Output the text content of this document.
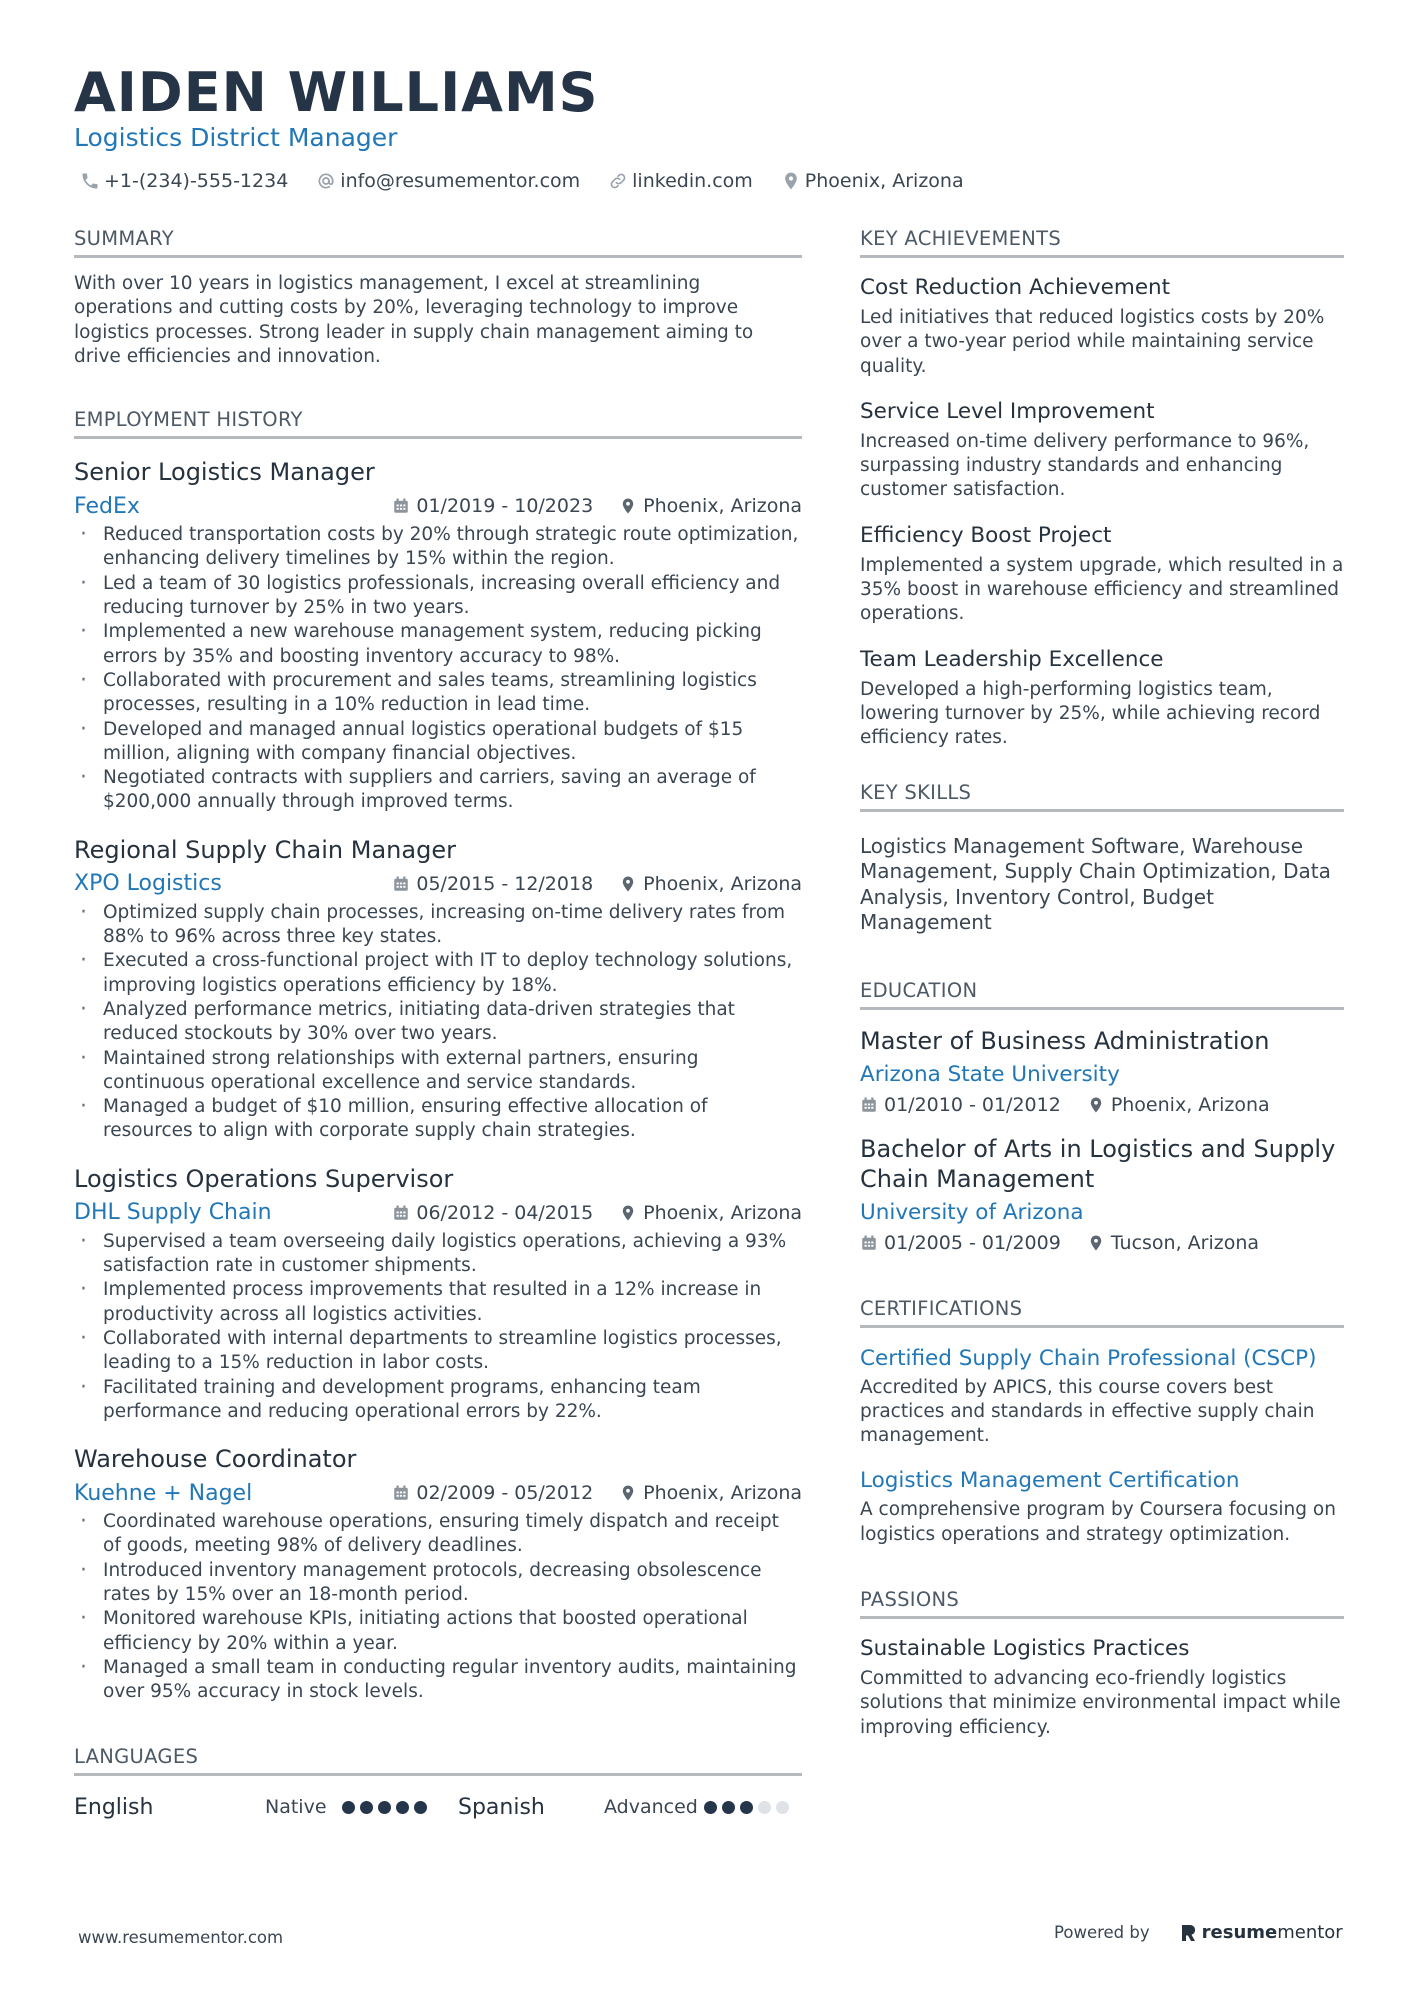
AIDEN WILLIAMS
Logistics District Manager
+1-(234)-555-1234	info@resumementor.com	linkedin.com	Phoenix, Arizona
SUMMARY

With over 10 years in logistics management, I excel at streamlining operations and cutting costs by 20%, leveraging technology to improve logistics processes. Strong leader in supply chain management aiming to drive efficiencies and innovation.

EMPLOYMENT HISTORY
Senior Logistics Manager
FedEx	01/2019 - 10/2023	Phoenix, Arizona
· Reduced transportation costs by 20% through strategic route optimization, enhancing delivery timelines by 15% within the region.
· Led a team of 30 logistics professionals, increasing overall efficiency and reducing turnover by 25% in two years.
· Implemented a new warehouse management system, reducing picking errors by 35% and boosting inventory accuracy to 98%.
· Collaborated with procurement and sales teams, streamlining logistics processes, resulting in a 10% reduction in lead time.
· Developed and managed annual logistics operational budgets of $15 million, aligning with company financial objectives.
· Negotiated contracts with suppliers and carriers, saving an average of $200,000 annually through improved terms.
Regional Supply Chain Manager
XPO Logistics	05/2015 - 12/2018	Phoenix, Arizona
· Optimized supply chain processes, increasing on-time delivery rates from 88% to 96% across three key states.
· Executed a cross-functional project with IT to deploy technology solutions, improving logistics operations efficiency by 18%.
· Analyzed performance metrics, initiating data-driven strategies that reduced stockouts by 30% over two years.
· Maintained strong relationships with external partners, ensuring continuous operational excellence and service standards.
· Managed a budget of $10 million, ensuring effective allocation of resources to align with corporate supply chain strategies.
Logistics Operations Supervisor
DHL Supply Chain	06/2012 - 04/2015	Phoenix, Arizona
· Supervised a team overseeing daily logistics operations, achieving a 93% satisfaction rate in customer shipments.
· Implemented process improvements that resulted in a 12% increase in productivity across all logistics activities.
· Collaborated with internal departments to streamline logistics processes, leading to a 15% reduction in labor costs.
· Facilitated training and development programs, enhancing team performance and reducing operational errors by 22%.
Warehouse Coordinator
Kuehne + Nagel	02/2009 - 05/2012	Phoenix, Arizona
· Coordinated warehouse operations, ensuring timely dispatch and receipt of goods, meeting 98% of delivery deadlines.
· Introduced inventory management protocols, decreasing obsolescence rates by 15% over an 18-month period.
· Monitored warehouse KPIs, initiating actions that boosted operational efficiency by 20% within a year.
· Managed a small team in conducting regular inventory audits, maintaining over 95% accuracy in stock levels.
LANGUAGES
English	Native	Spanish	Advanced
KEY ACHIEVEMENTS
Cost Reduction Achievement

Led initiatives that reduced logistics costs by 20% over a two-year period while maintaining service quality.

Service Level Improvement

Increased on-time delivery performance to 96%, surpassing industry standards and enhancing customer satisfaction.

Efficiency Boost Project

Implemented a system upgrade, which resulted in a 35% boost in warehouse efficiency and streamlined operations.

Team Leadership Excellence

Developed a high-performing logistics team, lowering turnover by 25%, while achieving record efficiency rates.

KEY SKILLS

Logistics Management Software, Warehouse Management, Supply Chain Optimization, Data Analysis, Inventory Control, Budget Management

EDUCATION
Master of Business Administration
Arizona State University
01/2010 - 01/2012	Phoenix, Arizona
Bachelor of Arts in Logistics and Supply Chain Management
University of Arizona
01/2005 - 01/2009	Tucson, Arizona
CERTIFICATIONS
Certified Supply Chain Professional (CSCP)

Accredited by APICS, this course covers best practices and standards in effective supply chain management.

Logistics Management Certification

A comprehensive program by Coursera focusing on logistics operations and strategy optimization.

PASSIONS
Sustainable Logistics Practices

Committed to advancing eco-friendly logistics solutions that minimize environmental impact while improving efficiency.

www.resumementor.com	Powered by	resume mentor
